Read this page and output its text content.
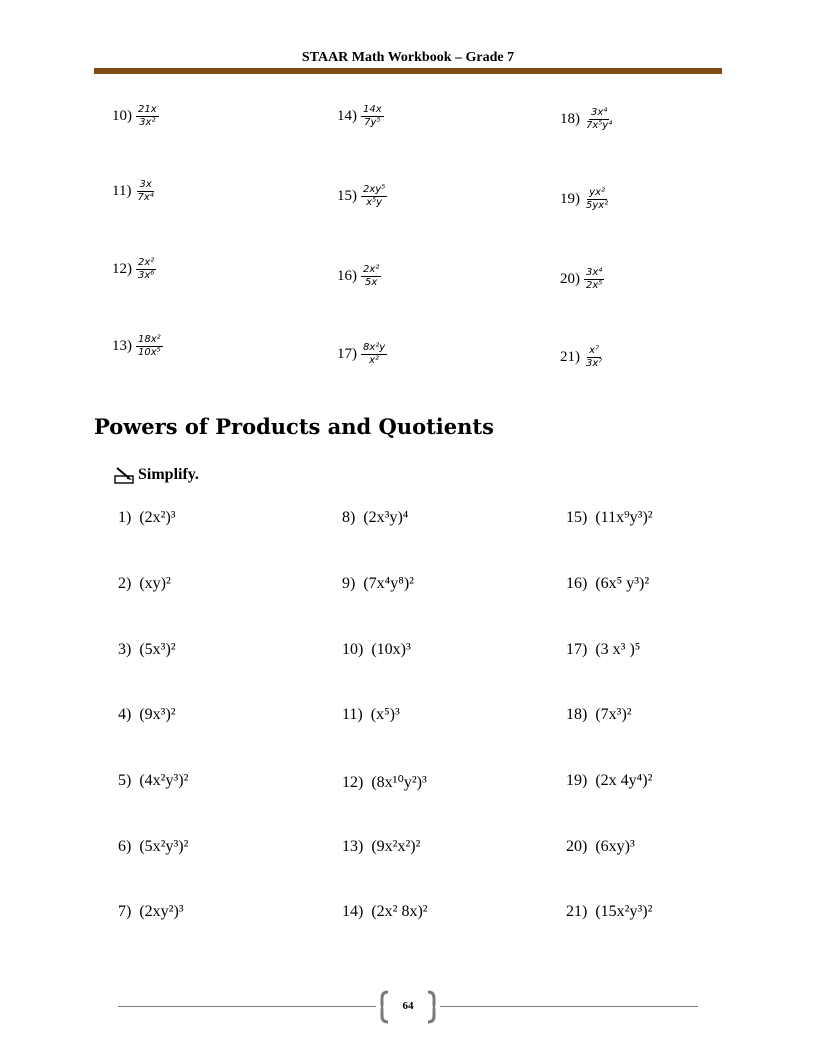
STAAR Math Workbook – Grade 7
$10) \frac{21x}{\text{3x²}}$	$14) \frac{14x}{\text{7y⁵}}$	$18) \frac{\text{3x⁴}}{\text{7x⁵y⁴}}$
$11) \frac{3x}{\text{7x⁴}}$	$15) \frac{\text{2xy⁵}}{\text{x⁵y}}$	$19) \frac{\text{yx²}}{\text{5yx²}}$
$12) \frac{\text{2x²}}{\text{3x⁶}}$	$16) \frac{\text{2x²}}{5x}$	$20) \frac{\text{3x⁴}}{\text{2x⁵}}$
$13) \frac{\text{18x²}}{\text{10x⁵}}$	$17) \frac{\text{8x²y}}{\text{x²}}$	$21) \frac{\text{x⁷}}{\text{3x⁷}}$
Powers of Products and Quotients
Simplify.
1) (2x²)³	8) (2x³y)⁴	15) (11x⁹y³)²
2) (xy)²	9) (7x⁴y⁸)²	16) (6x⁵ y³)²
3) (5x³)²	10) (10x)³	17) (3 x³ )⁵
4) (9x³)²	11) (x⁵)³	18) (7x³)²
5) (4x²y³)²	12) (8x¹⁰y²)³	19) (2x 4y⁴)²
6) (5x²y³)²	13) (9x²x²)²	20) (6xy)³
7) (2xy²)³	14) (2x² 8x)²	21) (15x²y³)²
64
